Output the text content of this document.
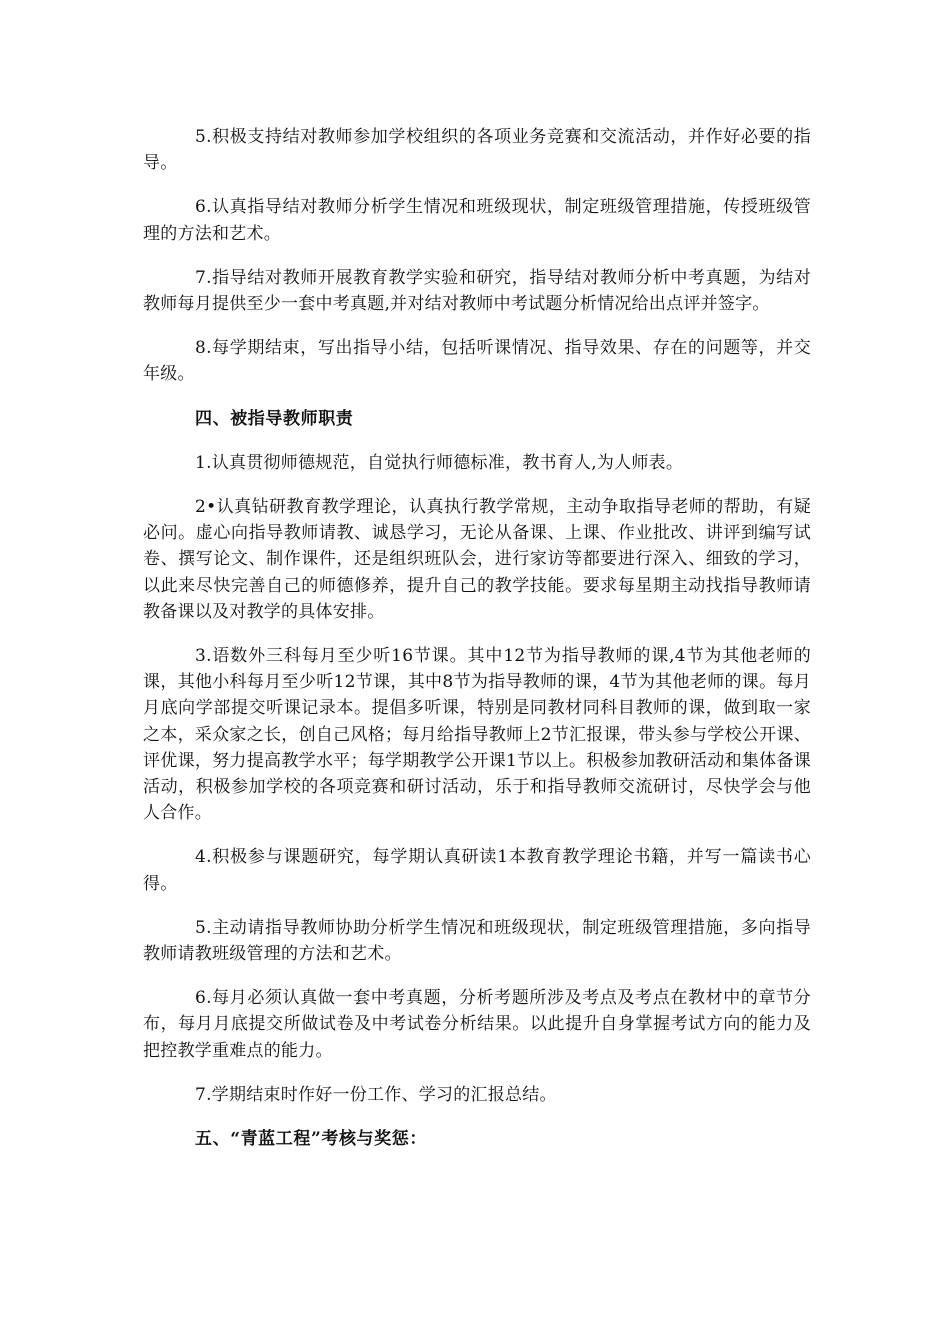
5.积极支持结对教师参加学校组织的各项业务竞赛和交流活动，并作好必要的指导。

6.认真指导结对教师分析学生情况和班级现状，制定班级管理措施，传授班级管理的方法和艺术。

7.指导结对教师开展教育教学实验和研究，指导结对教师分析中考真题，为结对教师每月提供至少一套中考真题,并对结对教师中考试题分析情况给出点评并签字。

8.每学期结束，写出指导小结，包括听课情况、指导效果、存在的问题等，并交年级。

四、被指导教师职责

1.认真贯彻师德规范，自觉执行师德标准，教书育人,为人师表。

2•认真钻研教育教学理论，认真执行教学常规，主动争取指导老师的帮助，有疑必问。虚心向指导教师请教、诚恳学习，无论从备课、上课、作业批改、讲评到编写试卷、撰写论文、制作课件，还是组织班队会，进行家访等都要进行深入、细致的学习，以此来尽快完善自己的师德修养，提升自己的教学技能。要求每星期主动找指导教师请教备课以及对教学的具体安排。

3.语数外三科每月至少听16节课。其中12节为指导教师的课,4节为其他老师的课，其他小科每月至少听12节课，其中8节为指导教师的课，4节为其他老师的课。每月月底向学部提交听课记录本。提倡多听课，特别是同教材同科目教师的课，做到取一家之本，采众家之长，创自己风格；每月给指导教师上2节汇报课，带头参与学校公开课、评优课，努力提高教学水平；每学期教学公开课1节以上。积极参加教研活动和集体备课活动，积极参加学校的各项竞赛和研讨活动，乐于和指导教师交流研讨，尽快学会与他人合作。

4.积极参与课题研究，每学期认真研读1本教育教学理论书籍，并写一篇读书心得。

5.主动请指导教师协助分析学生情况和班级现状，制定班级管理措施，多向指导教师请教班级管理的方法和艺术。

6.每月必须认真做一套中考真题，分析考题所涉及考点及考点在教材中的章节分布，每月月底提交所做试卷及中考试卷分析结果。以此提升自身掌握考试方向的能力及把控教学重难点的能力。

7.学期结束时作好一份工作、学习的汇报总结。

五、“青蓝工程”考核与奖惩：
